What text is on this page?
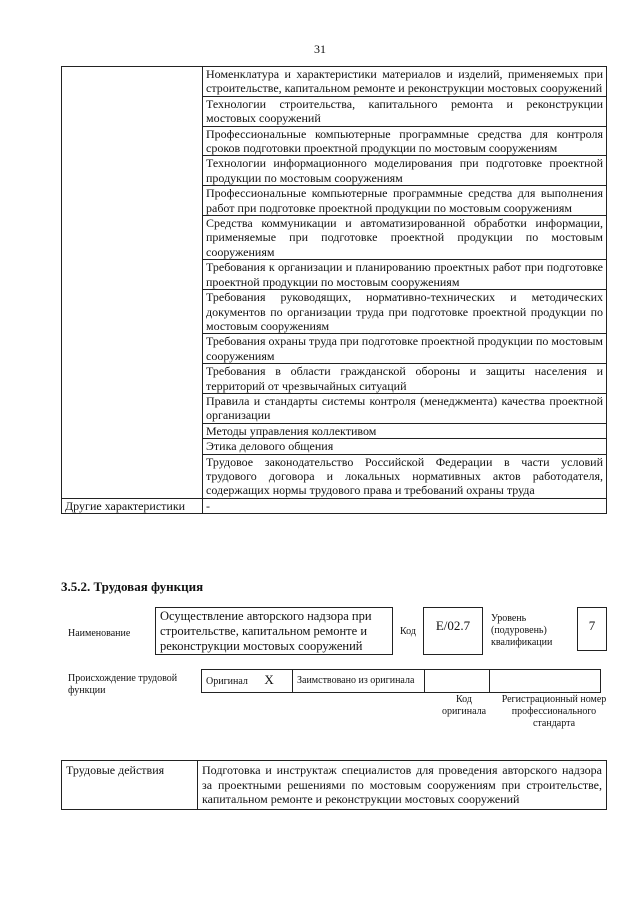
31
	Номенклатура и характеристики материалов и изделий, применяемых при строительстве, капитальном ремонте и реконструкции мостовых сооружений
	Технологии строительства, капитального ремонта и реконструкции мостовых сооружений
	Профессиональные компьютерные программные средства для контроля сроков подготовки проектной продукции по мостовым сооружениям
	Технологии информационного моделирования при подготовке проектной продукции по мостовым сооружениям
	Профессиональные компьютерные программные средства для выполнения работ при подготовке проектной продукции по мостовым сооружениям
	Средства коммуникации и автоматизированной обработки информации, применяемые при подготовке проектной продукции по мостовым сооружениям
	Требования к организации и планированию проектных работ при подготовке проектной продукции по мостовым сооружениям
	Требования руководящих, нормативно-технических и методических документов по организации труда при подготовке проектной продукции по мостовым сооружениям
	Требования охраны труда при подготовке проектной продукции по мостовым сооружениям
	Требования в области гражданской обороны и защиты населения и территорий от чрезвычайных ситуаций
	Правила и стандарты системы контроля (менеджмента) качества проектной организации
	Методы управления коллективом
	Этика делового общения
	Трудовое законодательство Российской Федерации в части условий трудового договора и локальных нормативных актов работодателя, содержащих нормы трудового права и требований охраны труда
Другие характеристики	-
3.5.2. Трудовая функция
Наименование
Осуществление авторского надзора при строительстве, капитальном ремонте и реконструкции мостовых сооружений
Код	E/02.7	Уровень (подуровень) квалификации
7
Происхождение трудовой функции
Оригинал X	Заимствовано из оригинала		
Код оригинала
Регистрационный номер профессионального стандарта
Трудовые действия	Подготовка и инструктаж специалистов для проведения авторского надзора за проектными решениями по мостовым сооружениям при строительстве, капитальном ремонте и реконструкции мостовых сооружений
